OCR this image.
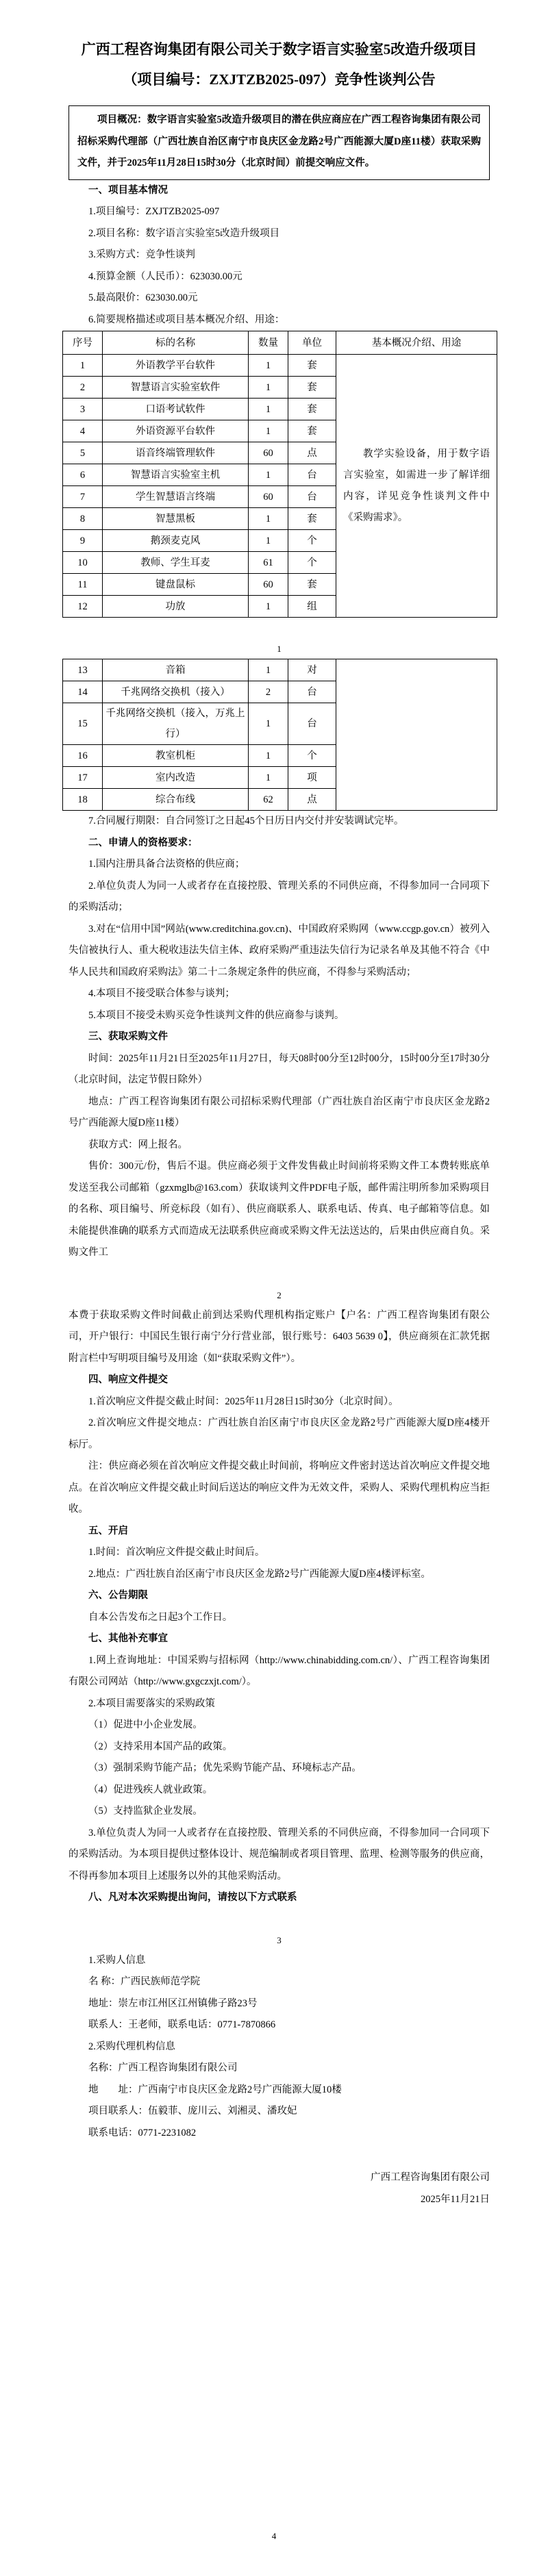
广西工程咨询集团有限公司关于数字语言实验室5改造升级项目
（项目编号：ZXJTZB2025-097）竞争性谈判公告

项目概况：数字语言实验室5改造升级项目的潜在供应商应在广西工程咨询集团有限公司招标采购代理部（广西壮族自治区南宁市良庆区金龙路2号广西能源大厦D座11楼）获取采购文件，并于2025年11月28日15时30分（北京时间）前提交响应文件。

一、项目基本情况

1.项目编号：ZXJTZB2025-097

2.项目名称：数字语言实验室5改造升级项目

3.采购方式：竞争性谈判

4.预算金额（人民币）：623030.00元

5.最高限价：623030.00元

6.简要规格描述或项目基本概况介绍、用途：

序号	标的名称	数量	单位	基本概况介绍、用途
1	外语教学平台软件	1	套	教学实验设备，用于数字语言实验室，如需进一步了解详细内容，详见竞争性谈判文件中《采购需求》。
2	智慧语言实验室软件	1	套	
3	口语考试软件	1	套	
4	外语资源平台软件	1	套	
5	语音终端管理软件	60	点	
6	智慧语言实验室主机	1	台	
7	学生智慧语言终端	60	台	
8	智慧黑板	1	套	
9	鹅颈麦克风	1	个	
10	教师、学生耳麦	61	个	
11	键盘鼠标	60	套	
12	功放	1	组	
1
13	音箱	1	对	
14	千兆网络交换机（接入）	2	台	
15	千兆网络交换机（接入，万兆上行）	1	台	
16	教室机柜	1	个	
17	室内改造	1	项	
18	综合布线	62	点	

7.合同履行期限：自合同签订之日起45个日历日内交付并安装调试完毕。

二、申请人的资格要求：

1.国内注册具备合法资格的供应商；

2.单位负责人为同一人或者存在直接控股、管理关系的不同供应商，不得参加同一合同项下的采购活动；

3.对在“信用中国”网站(www.creditchina.gov.cn)、中国政府采购网（www.ccgp.gov.cn）被列入失信被执行人、重大税收违法失信主体、政府采购严重违法失信行为记录名单及其他不符合《中华人民共和国政府采购法》第二十二条规定条件的供应商，不得参与采购活动；

4.本项目不接受联合体参与谈判；

5.本项目不接受未购买竞争性谈判文件的供应商参与谈判。

三、获取采购文件

时间：2025年11月21日至2025年11月27日，每天08时00分至12时00分，15时00分至17时30分（北京时间，法定节假日除外）

地点：广西工程咨询集团有限公司招标采购代理部（广西壮族自治区南宁市良庆区金龙路2号广西能源大厦D座11楼）

获取方式：网上报名。

售价：300元/份，售后不退。供应商必须于文件发售截止时间前将采购文件工本费转账底单发送至我公司邮箱（gzxmglb@163.com）获取谈判文件PDF电子版，邮件需注明所参加采购项目的名称、项目编号、所竞标段（如有）、供应商联系人、联系电话、传真、电子邮箱等信息。如未能提供准确的联系方式而造成无法联系供应商或采购文件无法送达的，后果由供应商自负。采购文件工

2

本费于获取采购文件时间截止前到达采购代理机构指定账户【户名：广西工程咨询集团有限公司，开户银行：中国民生银行南宁分行营业部，银行账号：6403 5639 0】，供应商须在汇款凭据附言栏中写明项目编号及用途（如“获取采购文件”）。

四、响应文件提交

1.首次响应文件提交截止时间：2025年11月28日15时30分（北京时间）。

2.首次响应文件提交地点：广西壮族自治区南宁市良庆区金龙路2号广西能源大厦D座4楼开标厅。

注：供应商必须在首次响应文件提交截止时间前，将响应文件密封送达首次响应文件提交地点。在首次响应文件提交截止时间后送达的响应文件为无效文件，采购人、采购代理机构应当拒收。

五、开启

1.时间：首次响应文件提交截止时间后。

2.地点：广西壮族自治区南宁市良庆区金龙路2号广西能源大厦D座4楼评标室。

六、公告期限

自本公告发布之日起3个工作日。

七、其他补充事宜

1.网上查询地址：中国采购与招标网（http://www.chinabidding.com.cn/）、广西工程咨询集团有限公司网站（http://www.gxgczxjt.com/）。

2.本项目需要落实的采购政策

（1）促进中小企业发展。

（2）支持采用本国产品的政策。

（3）强制采购节能产品；优先采购节能产品、环境标志产品。

（4）促进残疾人就业政策。

（5）支持监狱企业发展。

3.单位负责人为同一人或者存在直接控股、管理关系的不同供应商，不得参加同一合同项下的采购活动。为本项目提供过整体设计、规范编制或者项目管理、监理、检测等服务的供应商，不得再参加本项目上述服务以外的其他采购活动。

八、凡对本次采购提出询问，请按以下方式联系

3

1.采购人信息

名 称：广西民族师范学院

地址：崇左市江州区江州镇佛子路23号

联系人：王老师，联系电话：0771-7870866

2.采购代理机构信息

名称：广西工程咨询集团有限公司

地　　址：广西南宁市良庆区金龙路2号广西能源大厦10楼

项目联系人：伍毅菲、庞川云、刘湘灵、潘玫妃

联系电话：0771-2231082

广西工程咨询集团有限公司

2025年11月21日

4
